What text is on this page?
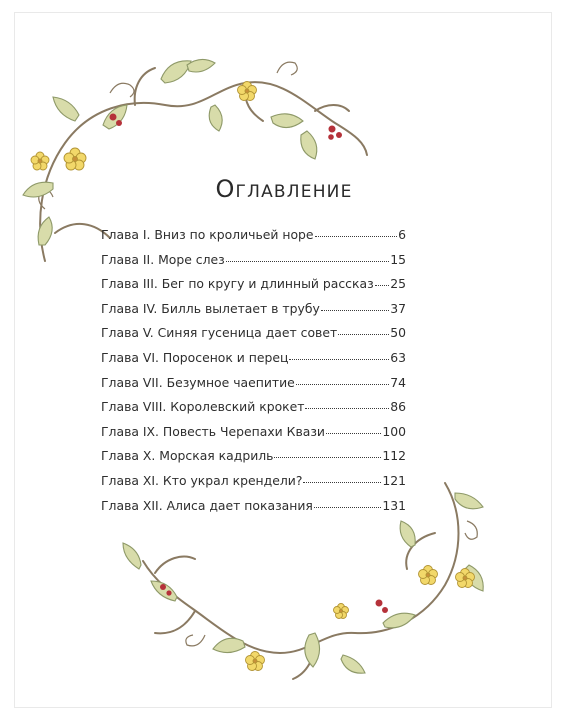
Оглавление
Глава I. Вниз по кроличьей норе	6
Глава II. Море слез	15
Глава III. Бег по кругу и длинный рассказ 25
Глава IV. Билль вылетает в трубу	37
Глава V. Синяя гусеница дает совет	50
Глава VI. Поросенок и перец	63
Глава VII. Безумное чаепитие	74
Глава VIII. Королевский крокет	86
Глава IX. Повесть Черепахи Квази	100
Глава X. Морская кадриль	112
Глава XI. Кто украл крендели?	121
Глава XII. Алиса дает показания	131
